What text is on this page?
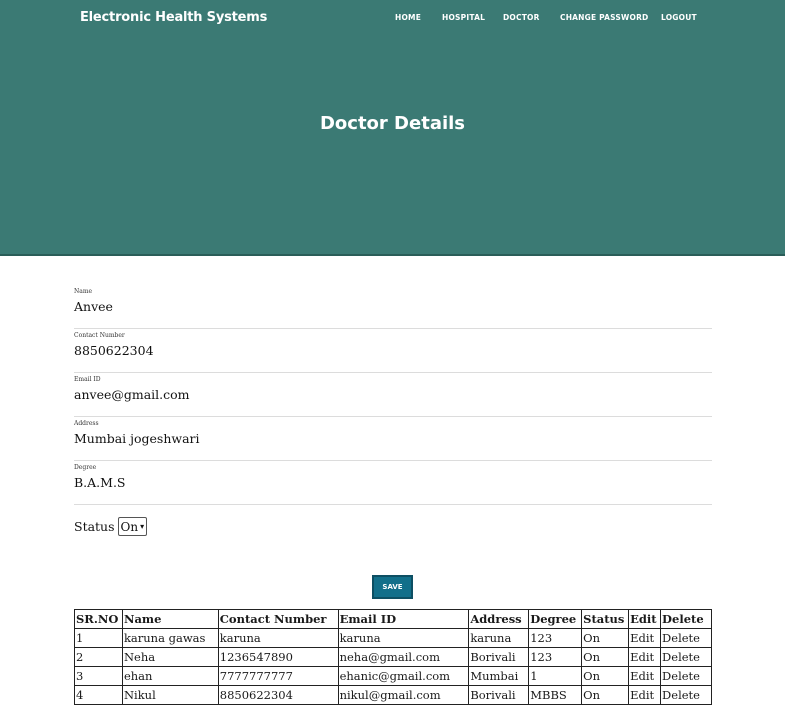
Electronic Health Systems	HOME	HOSPITAL DOCTOR	CHANGE PASSWORD LOGOUT
Doctor Details
Name
Anvee
Contact Number
8850622304
Email ID
anvee@gmail.com
Address
Mumbai jogeshwari
Degree
B.A.M.S
Status On ▾
SAVE
SR.NO	Name	Contact Number	Email ID	Address	Degree	Status	Edit	Delete
1	karuna gawas	karuna	karuna	karuna	123	On	Edit	Delete
2	Neha	1236547890	neha@gmail.com	Borivali	123	On	Edit	Delete
3	ehan	7777777777	ehanic@gmail.com	Mumbai	1	On	Edit	Delete
4	Nikul	8850622304	nikul@gmail.com	Borivali	MBBS	On	Edit	Delete
